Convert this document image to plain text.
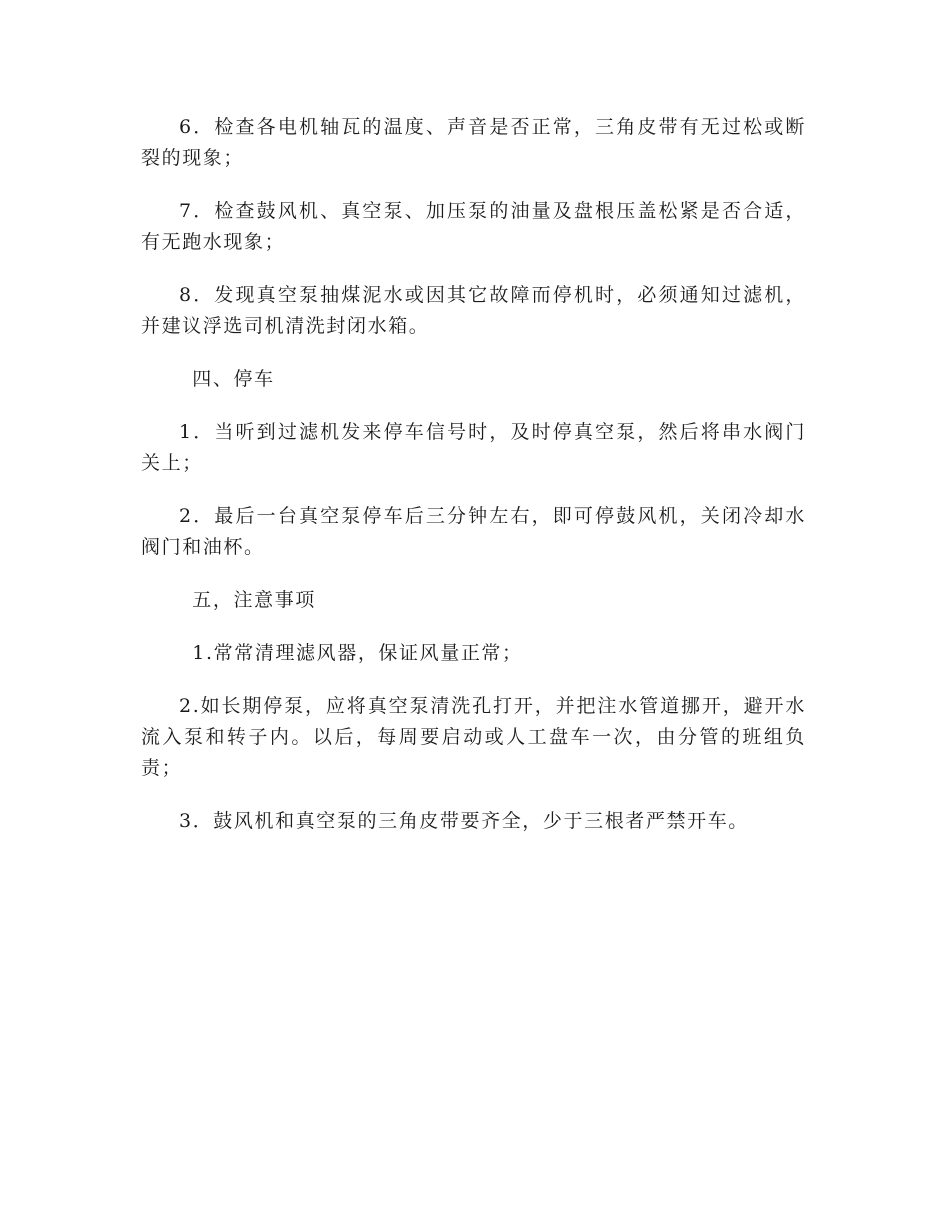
6．检查各电机轴瓦的温度、声音是否正常，三角皮带有无过松或断裂的现象；

7．检查鼓风机、真空泵、加压泵的油量及盘根压盖松紧是否合适，有无跑水现象；

8．发现真空泵抽煤泥水或因其它故障而停机时，必须通知过滤机，并建议浮选司机清洗封闭水箱。

四、停车

1．当听到过滤机发来停车信号时，及时停真空泵，然后将串水阀门关上；

2．最后一台真空泵停车后三分钟左右，即可停鼓风机，关闭冷却水阀门和油杯。

五，注意事项

1.常常清理滤风器，保证风量正常；

2.如长期停泵，应将真空泵清洗孔打开，并把注水管道挪开，避开水流入泵和转子内。以后，每周要启动或人工盘车一次，由分管的班组负责；

3．鼓风机和真空泵的三角皮带要齐全，少于三根者严禁开车。
